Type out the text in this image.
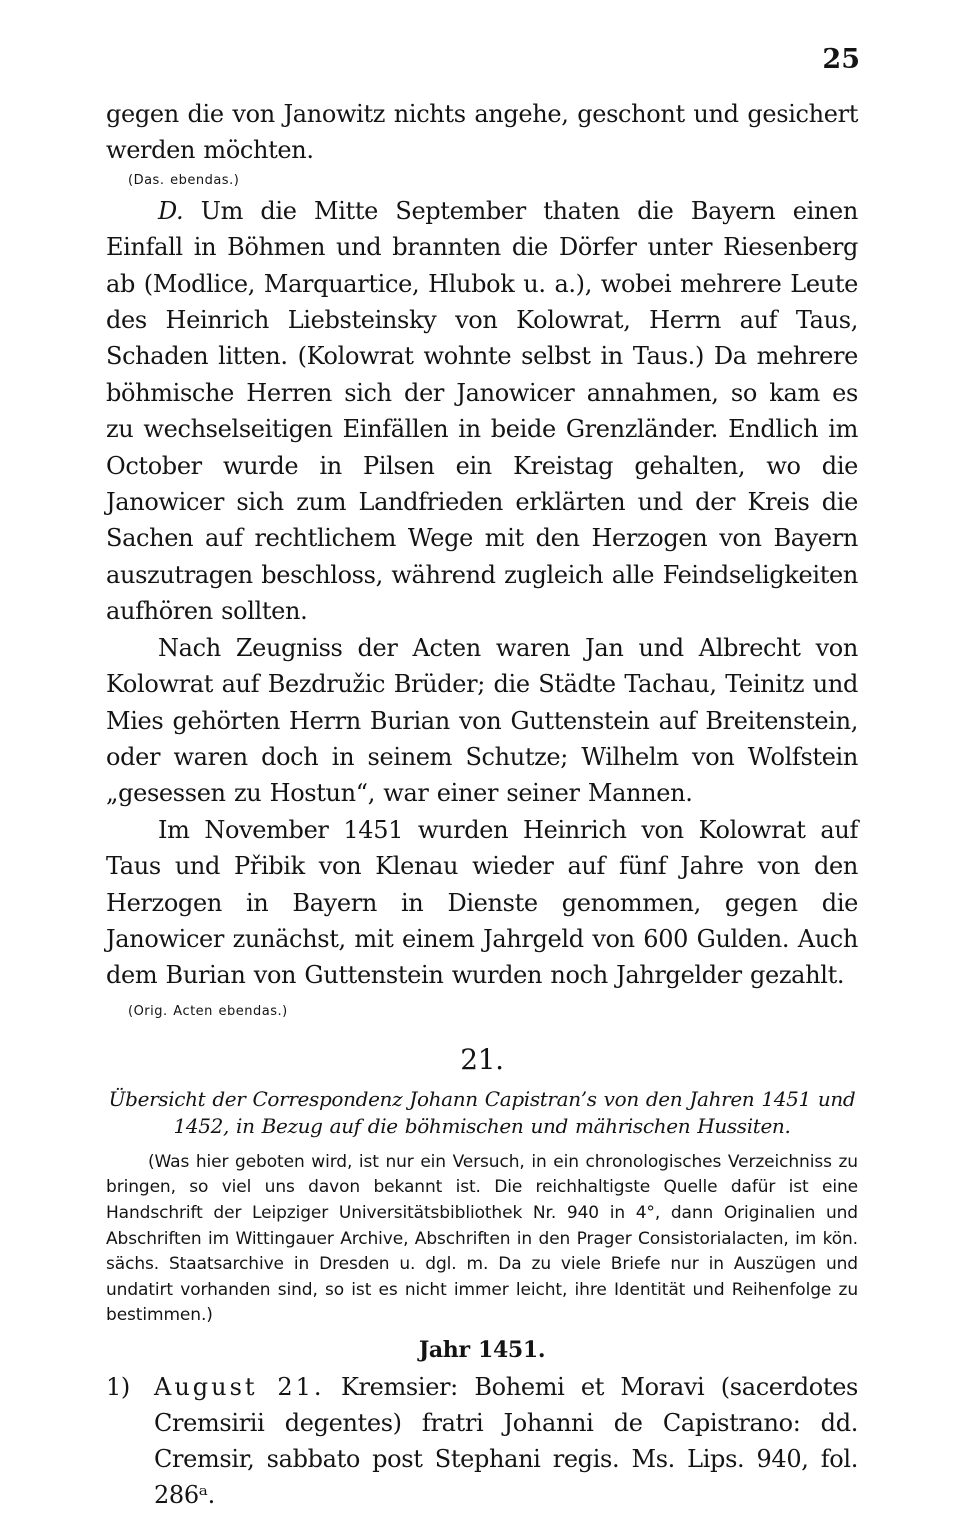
25

gegen die von Janowitz nichts angehe, geschont und gesichert werden möchten.

(Das. ebendas.)

D. Um die Mitte September thaten die Bayern einen Einfall in Böhmen und brannten die Dörfer unter Riesenberg ab (Modlice, Marquartice, Hlubok u. a.), wobei mehrere Leute des Heinrich Liebsteinsky von Kolowrat, Herrn auf Taus, Schaden litten. (Kolowrat wohnte selbst in Taus.) Da mehrere böhmische Herren sich der Janowicer annahmen, so kam es zu wechselseitigen Einfällen in beide Grenzländer. Endlich im October wurde in Pilsen ein Kreistag gehalten, wo die Janowicer sich zum Landfrieden erklärten und der Kreis die Sachen auf rechtlichem Wege mit den Herzogen von Bayern auszutragen beschloss, während zugleich alle Feindseligkeiten aufhören sollten.

Nach Zeugniss der Acten waren Jan und Albrecht von Kolowrat auf Bezdružic Brüder; die Städte Tachau, Teinitz und Mies gehörten Herrn Burian von Guttenstein auf Breitenstein, oder waren doch in seinem Schutze; Wilhelm von Wolfstein „gesessen zu Hostun“, war einer seiner Mannen.

Im November 1451 wurden Heinrich von Kolowrat auf Taus und Přibik von Klenau wieder auf fünf Jahre von den Herzogen in Bayern in Dienste genommen, gegen die Janowicer zunächst, mit einem Jahrgeld von 600 Gulden. Auch dem Burian von Guttenstein wurden noch Jahrgelder gezahlt.

(Orig. Acten ebendas.)
21.
Übersicht der Correspondenz Johann Capistran’s von den Jahren 1451 und 1452, in Bezug auf die böhmischen und mährischen Hussiten.

(Was hier geboten wird, ist nur ein Versuch, in ein chronologisches Verzeichniss zu bringen, so viel uns davon bekannt ist. Die reichhaltigste Quelle dafür ist eine Handschrift der Leipziger Universitätsbibliothek Nr. 940 in 4°, dann Originalien und Abschriften im Wittingauer Archive, Abschriften in den Prager Consistorialacten, im kön. sächs. Staatsarchive in Dresden u. dgl. m. Da zu viele Briefe nur in Auszügen und undatirt vorhanden sind, so ist es nicht immer leicht, ihre Identität und Reihenfolge zu bestimmen.)

Jahr 1451.

1) August 21. Kremsier: Bohemi et Moravi (sacerdotes Cremsirii degentes) fratri Johanni de Capistrano: dd. Cremsir, sabbato post Stephani regis. Ms. Lips. 940, fol. 286ᵃ.
